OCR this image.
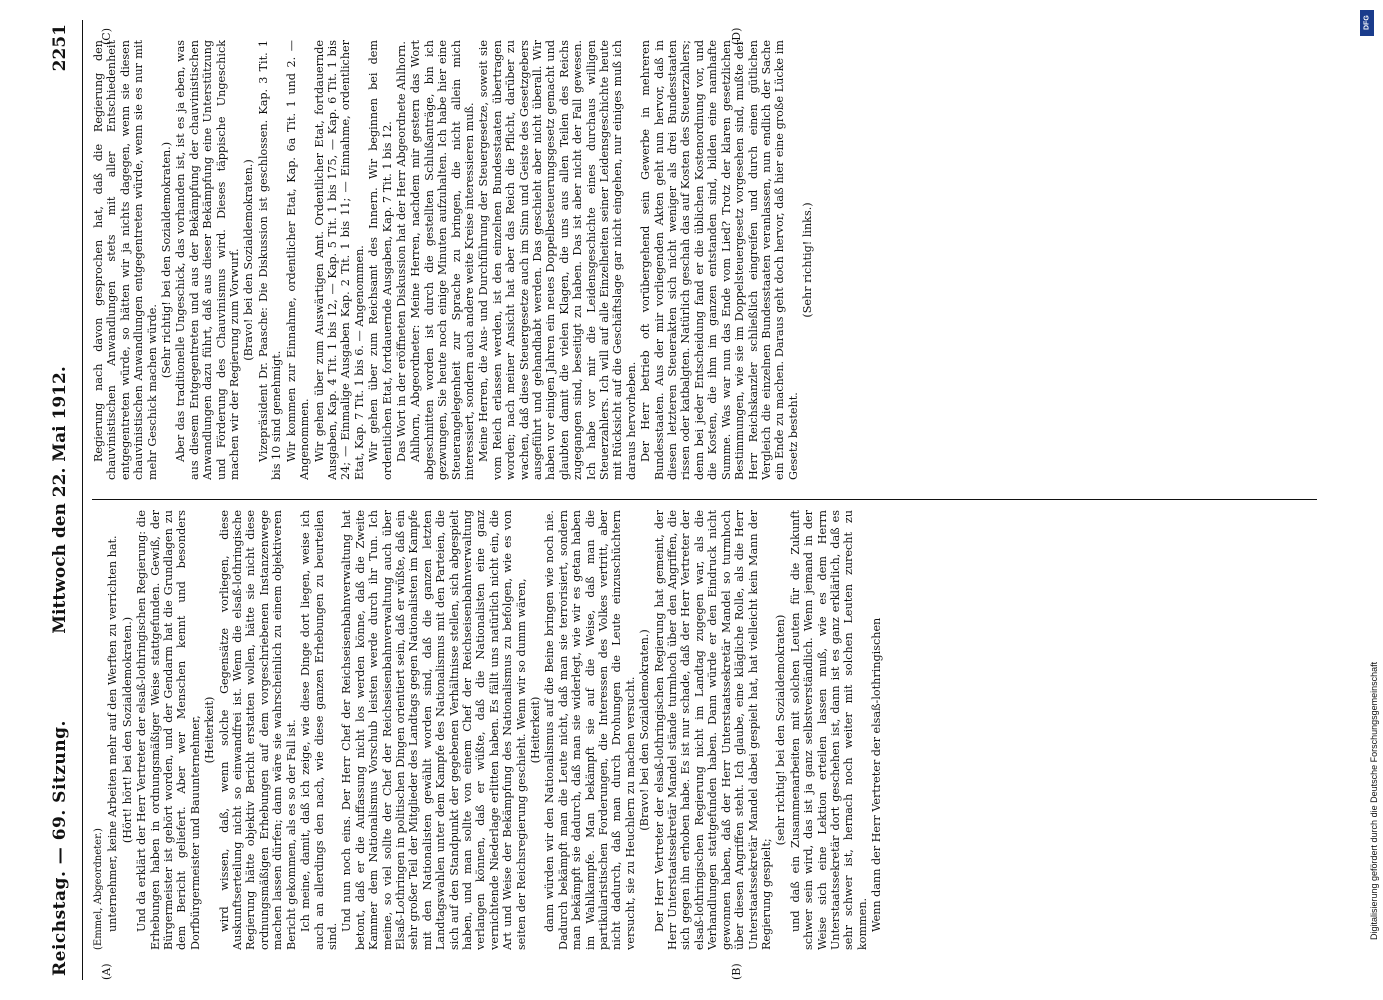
Reichstag. — 69. Sitzung.
Mittwoch den 22. Mai 1912.
2251
(A)	(B)
(C)	(D)

(Emmel, Abgeordneter.) unternehmer, keine Arbeiten mehr auf den Werften zu verrichten hat. (Hört! hört! bei den Sozialdemokraten.) Und da erklärt der Herr Vertreter der elsaß-lothringischen Regierung: die Erhebungen haben in ordnungsmäßiger Weise stattgefunden. Gewiß, der Bürgermeister ist gehört worden, und der Gendarm hat die Grundlagen zu dem Bericht geliefert. Aber wer Menschen kennt und besonders Dorfbürgermeister und Bauunternehmer, (Heiterkeit) wird wissen, daß, wenn solche Gegensätze vorliegen, diese Auskunftserteilung nicht so einwandfrei ist. Wenn die elsaß-lothringische Regierung hätte objektiv Bericht erstatten wollen, hätte sie nicht diese ordnungsmäßigen Erhebungen auf dem vorgeschriebenen Instanzenwege machen lassen dürfen; dann wäre sie wahrscheinlich zu einem objektiveren Bericht gekommen, als es so der Fall ist. Ich meine, damit, daß ich zeige, wie diese Dinge dort liegen, weise ich auch an allerdings den nach, wie diese ganzen Erhebungen zu beurteilen sind.

Und nun noch eins. Der Herr Chef der Reichseisenbahnverwaltung hat betont, daß er die Auffassung nicht los werden könne, daß die Zweite Kammer dem Nationalismus Vorschub leisten werde durch ihr Tun. Ich meine, so viel sollte der Chef der Reichseisenbahnverwaltung auch über Elsaß-Lothringen in politischen Dingen orientiert sein, daß er wüßte, daß ein sehr großer Teil der Mitglieder des Landtags gegen Nationalisten im Kampfe mit den Nationalisten gewählt worden sind, daß die ganzen letzten Landtagswahlen unter dem Kampfe des Nationalismus mit den Parteien, die sich auf den Standpunkt der gegebenen Verhältnisse stellen, sich abgespielt haben, und man sollte von einem Chef der Reichseisenbahnverwaltung verlangen können, daß er wüßte, daß die Nationalisten eine ganz vernichtende Niederlage erlitten haben. Es fällt uns natürlich nicht ein, die Art und Weise der Bekämpfung des Nationalismus zu befolgen, wie es von seiten der Reichsregierung geschieht. Wenn wir so dumm wären, (Heiterkeit) dann würden wir den Nationalismus auf die Beine bringen wie noch nie. Dadurch bekämpft man die Leute nicht, daß man sie terrorisiert, sondern man bekämpft sie dadurch, daß man sie widerlegt, wie wir es getan haben im Wahlkampfe. Man bekämpft sie auf die Weise, daß man die partikularistischen Forderungen, die Interessen des Volkes vertritt, aber nicht dadurch, daß man durch Drohungen die Leute einzuschüchtern versucht, sie zu Heuchlern zu machen versucht. (Bravo! bei den Sozialdemokraten.) Der Herr Vertreter der elsaß-lothringischen Regierung hat gemeint, der Herr Unterstaatssekretär Mandel stände turmhoch über den Angriffen, die sich gegen ihn erhoben habe. Es ist nur schade, daß der Herr Vertreter der elsaß-lothringischen Regierung nicht im Landtag zugegen war, als die Verhandlungen stattgefunden haben. Dann würde er den Eindruck nicht gewonnen haben, daß der Herr Unterstaatssekretär Mandel so turmhoch über diesen Angriffen steht. Ich glaube, eine klägliche Rolle, als die Herr Unterstaatssekretär Mandel dabei gespielt hat, hat vielleicht kein Mann der Regierung gespielt;

(sehr richtig! bei den Sozialdemokraten) und daß ein Zusammenarbeiten mit solchen Leuten für die Zukunft schwer sein wird, das ist ja ganz selbstverständlich. Wenn jemand in der Weise sich eine Lektion erteilen lassen muß, wie es dem Herrn Unterstaatssekretär dort geschehen ist, dann ist es ganz erklärlich, daß es sehr schwer ist, hernach noch weiter mit solchen Leuten zurecht zu kommen. Wenn dann der Herr Vertreter der elsaß-lothringischen

Regierung nach davon gesprochen hat, daß die Regierung den chauvinistischen Anwandlungen stets mit aller Entschiedenheit entgegentreten würde, so hätten wir ja nichts dagegen, wenn sie diesen chauvinistischen Anwandlungen entgegentreten würde, wenn sie es nur mit mehr Geschick machen würde.

(Sehr richtig! bei den Sozialdemokraten.) Aber das traditionelle Ungeschick, das vorhanden ist, ist es ja eben, was aus diesem Entgegentreten und aus der Bekämpfung der chauvinistischen Anwandlungen dazu führt, daß aus dieser Bekämpfung eine Unterstützung und Förderung des Chauvinismus wird. Dieses täppische Ungeschick machen wir der Regierung zum Vorwurf. (Bravo! bei den Sozialdemokraten.) Vizepräsident Dr. Paasche: Die Diskussion ist geschlossen. Kap. 3 Tit. 1 bis 10 sind genehmigt. Wir kommen zur Einnahme, ordentlicher Etat, Kap. 6a Tit. 1 und 2. — Angenommen. Wir gehen über zum Auswärtigen Amt. Ordentlicher Etat, fortdauernde Ausgaben, Kap. 4 Tit. 1 bis 12, — Kap. 5 Tit. 1 bis 175, — Kap. 6 Tit. 1 bis 24; — Einmalige Ausgaben Kap. 2 Tit. 1 bis 11; — Einnahme, ordentlicher Etat, Kap. 7 Tit. 1 bis 6. — Angenommen. Wir gehen über zum Reichsamt des Innern. Wir beginnen bei dem ordentlichen Etat, fortdauernde Ausgaben, Kap. 7 Tit. 1 bis 12. Das Wort in der eröffneten Diskussion hat der Herr Abgeordnete Ahlhorn. Ahlhorn, Abgeordneter: Meine Herren, nachdem mir gestern das Wort abgeschnitten worden ist durch die gestellten Schlußanträge, bin ich gezwungen, Sie heute noch einige Minuten aufzuhalten. Ich habe hier eine Steuerangelegenheit zur Sprache zu bringen, die nicht allein mich interessiert, sondern auch andere weite Kreise interessieren muß. Meine Herren, die Aus- und Durchführung der Steuergesetze, soweit sie vom Reich erlassen werden, ist den einzelnen Bundesstaaten übertragen worden; nach meiner Ansicht hat aber das Reich die Pflicht, darüber zu wachen, daß diese Steuergesetze auch im Sinn und Geiste des Gesetzgebers ausgeführt und gehandhabt werden. Das geschieht aber nicht überall. Wir haben vor einigen Jahren ein neues Doppelbesteuerungsgesetz gemacht und glaubten damit die vielen Klagen, die uns aus allen Teilen des Reichs zugegangen sind, beseitigt zu haben. Das ist aber nicht der Fall gewesen. Ich habe vor mir die Leidensgeschichte eines durchaus willigen Steuerzahlers. Ich will auf alle Einzelheiten seiner Leidensgeschichte heute mit Rücksicht auf die Geschäftslage gar nicht eingehen, nur einiges muß ich daraus hervorheben. Der Herr betrieb oft vorübergehend sein Gewerbe in mehreren Bundesstaaten. Aus der mir vorliegenden Akten geht nun hervor, daß in diesen letzteren Steuerakten sich nicht weniger als drei Bundesstaaten rissen oder katbalgten. Natürlich geschah das auf Kosten des Steuerzahlers; denn bei jeder Entscheidung fand er die üblichen Kostenordnung vor, und die Kosten, die ihm im ganzen entstanden sind, bilden eine namhafte Summe. Was war nun das Ende vom Lied? Trotz der klaren gesetzlichen Bestimmungen, wie sie im Doppelsteuergesetz vorgesehen sind, mußte der Herr Reichskanzler schließlich eingreifen und durch einen gütlichen Vergleich die einzelnen Bundesstaaten veranlassen, nun endlich der Sache ein Ende zu machen. Daraus geht doch hervor, daß hier eine große Lücke im Gesetz besteht.

(Sehr richtig! links.)

DFG
Digitalisierung gefördert durch die Deutsche Forschungsgemeinschaft
